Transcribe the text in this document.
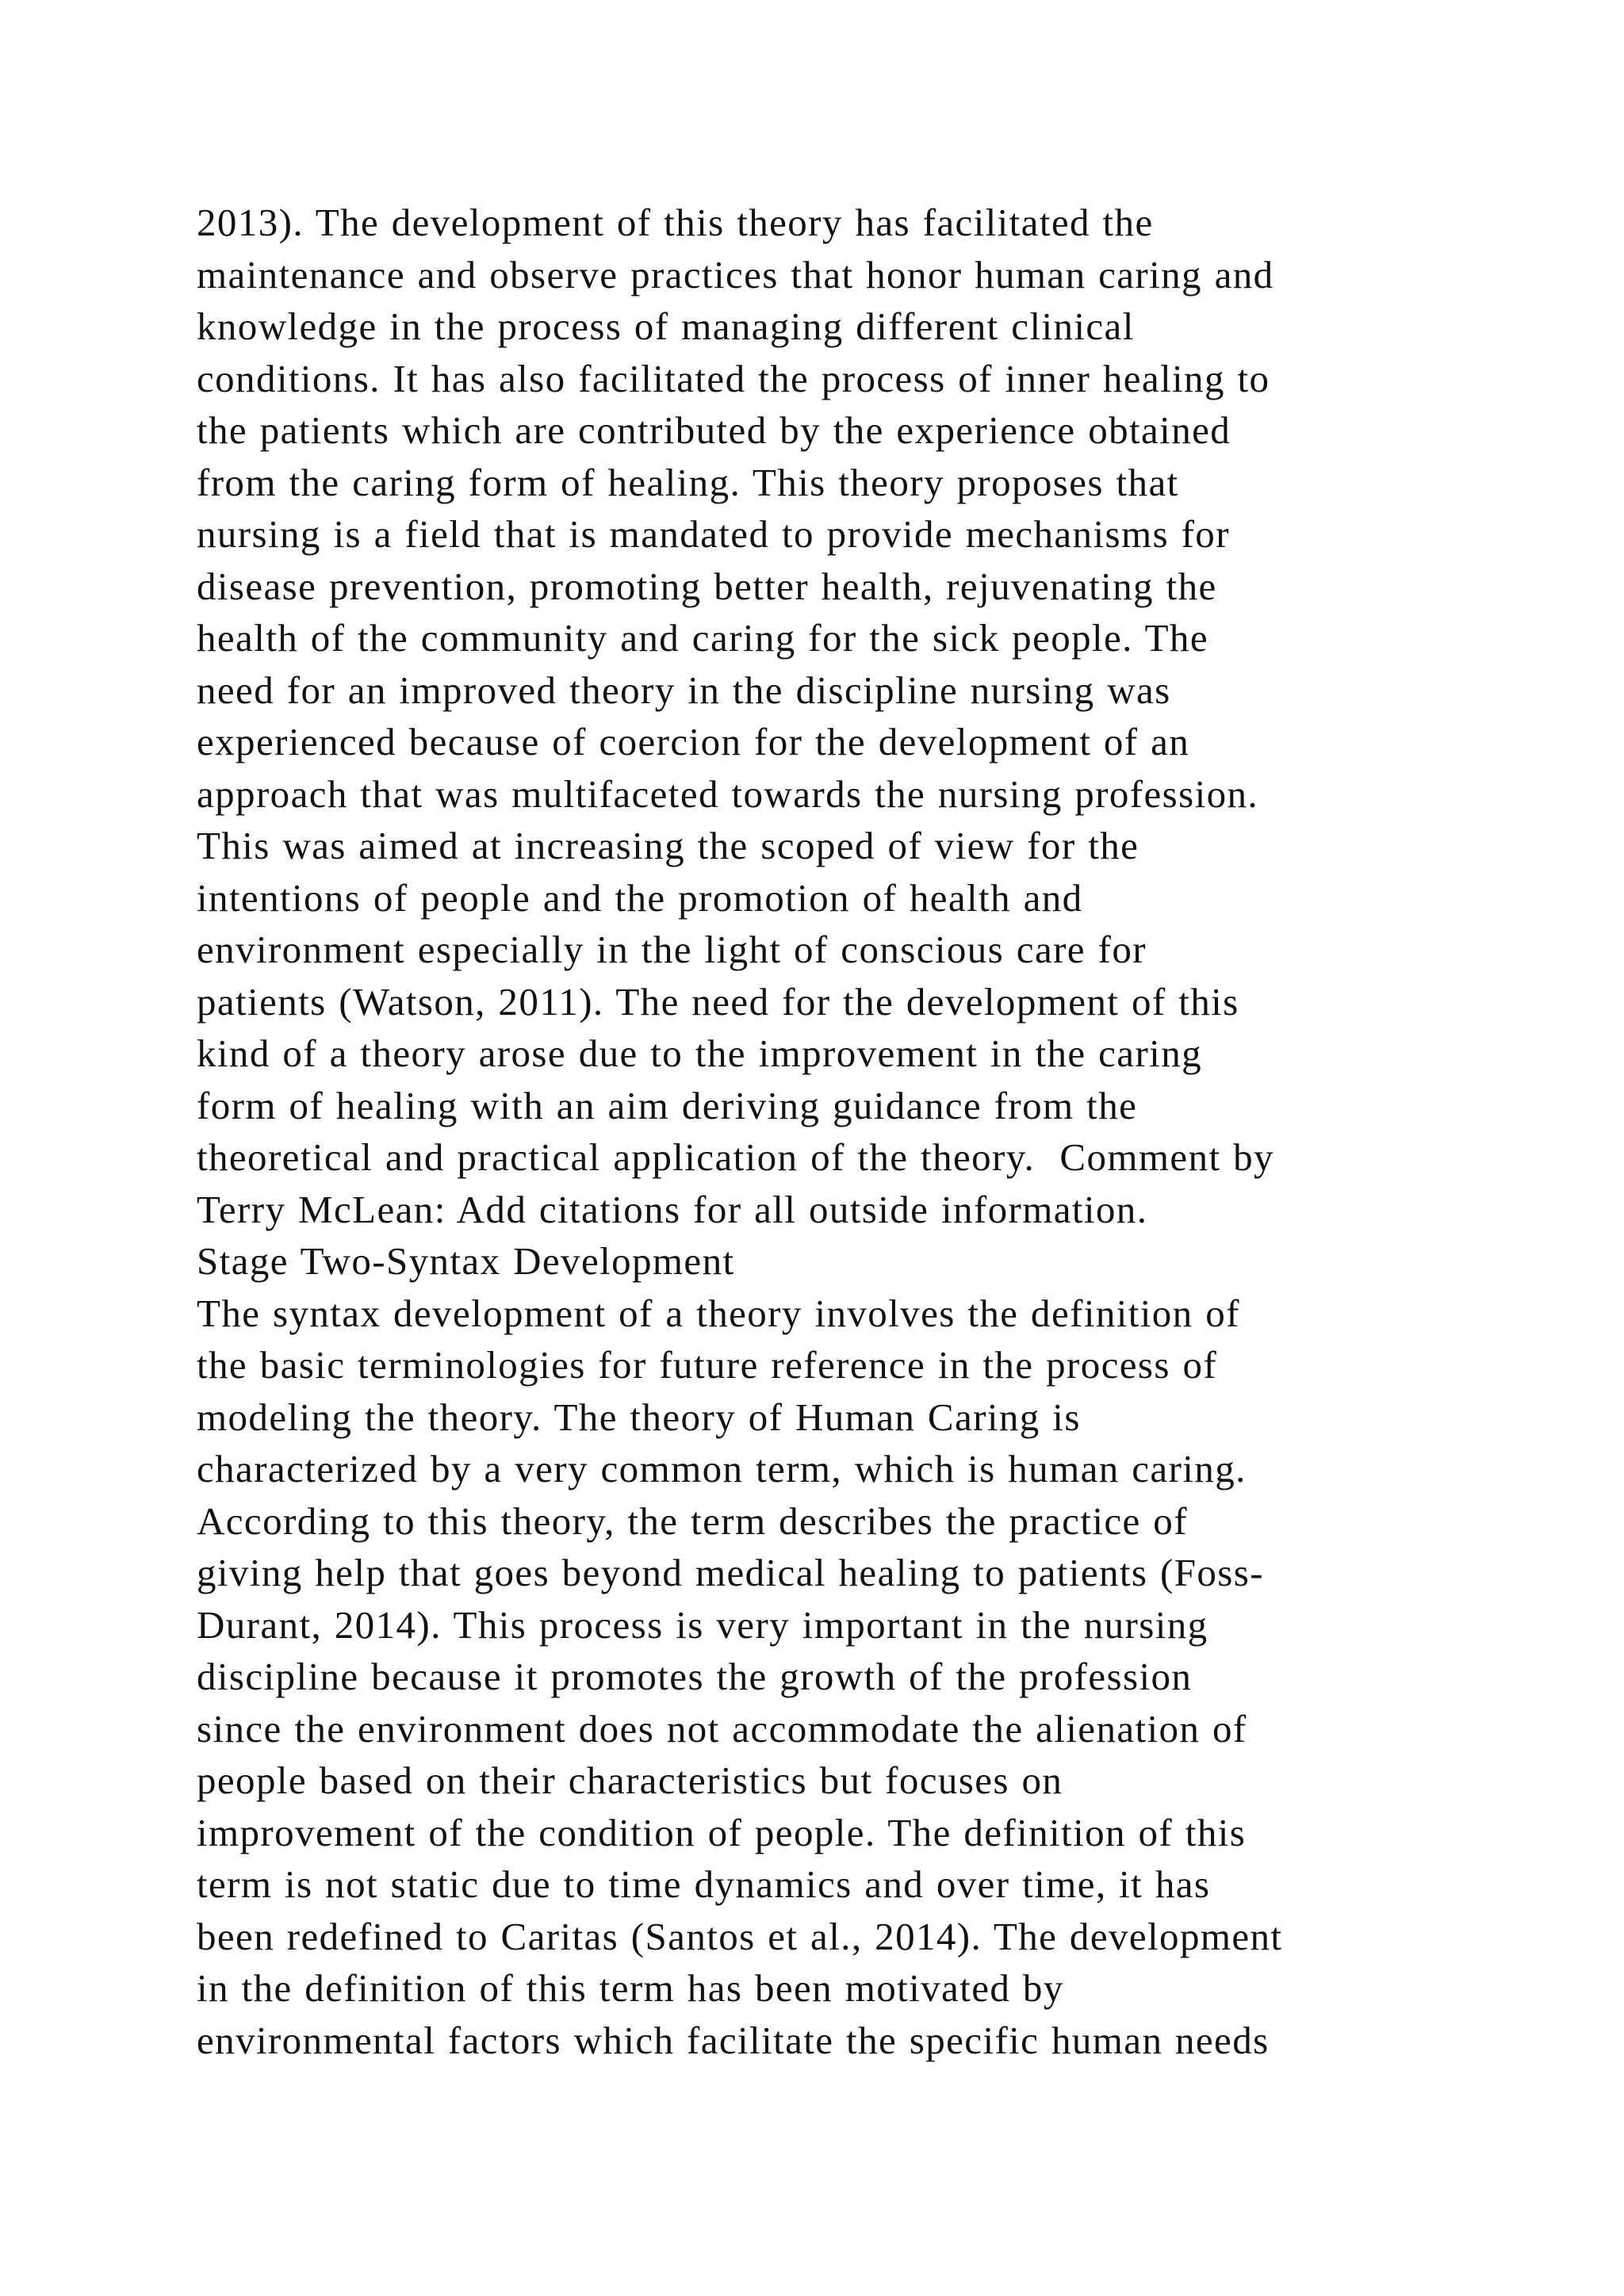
2013). The development of this theory has facilitated the
maintenance and observe practices that honor human caring and
knowledge in the process of managing different clinical
conditions. It has also facilitated the process of inner healing to
the patients which are contributed by the experience obtained
from the caring form of healing. This theory proposes that
nursing is a field that is mandated to provide mechanisms for
disease prevention, promoting better health, rejuvenating the
health of the community and caring for the sick people. The
need for an improved theory in the discipline nursing was
experienced because of coercion for the development of an
approach that was multifaceted towards the nursing profession.
This was aimed at increasing the scoped of view for the
intentions of people and the promotion of health and
environment especially in the light of conscious care for
patients (Watson, 2011). The need for the development of this
kind of a theory arose due to the improvement in the caring
form of healing with an aim deriving guidance from the
theoretical and practical application of the theory.  Comment by
Terry McLean: Add citations for all outside information.
Stage Two-Syntax Development
The syntax development of a theory involves the definition of
the basic terminologies for future reference in the process of
modeling the theory. The theory of Human Caring is
characterized by a very common term, which is human caring.
According to this theory, the term describes the practice of
giving help that goes beyond medical healing to patients (Foss-
Durant, 2014). This process is very important in the nursing
discipline because it promotes the growth of the profession
since the environment does not accommodate the alienation of
people based on their characteristics but focuses on
improvement of the condition of people. The definition of this
term is not static due to time dynamics and over time, it has
been redefined to Caritas (Santos et al., 2014). The development
in the definition of this term has been motivated by
environmental factors which facilitate the specific human needs
